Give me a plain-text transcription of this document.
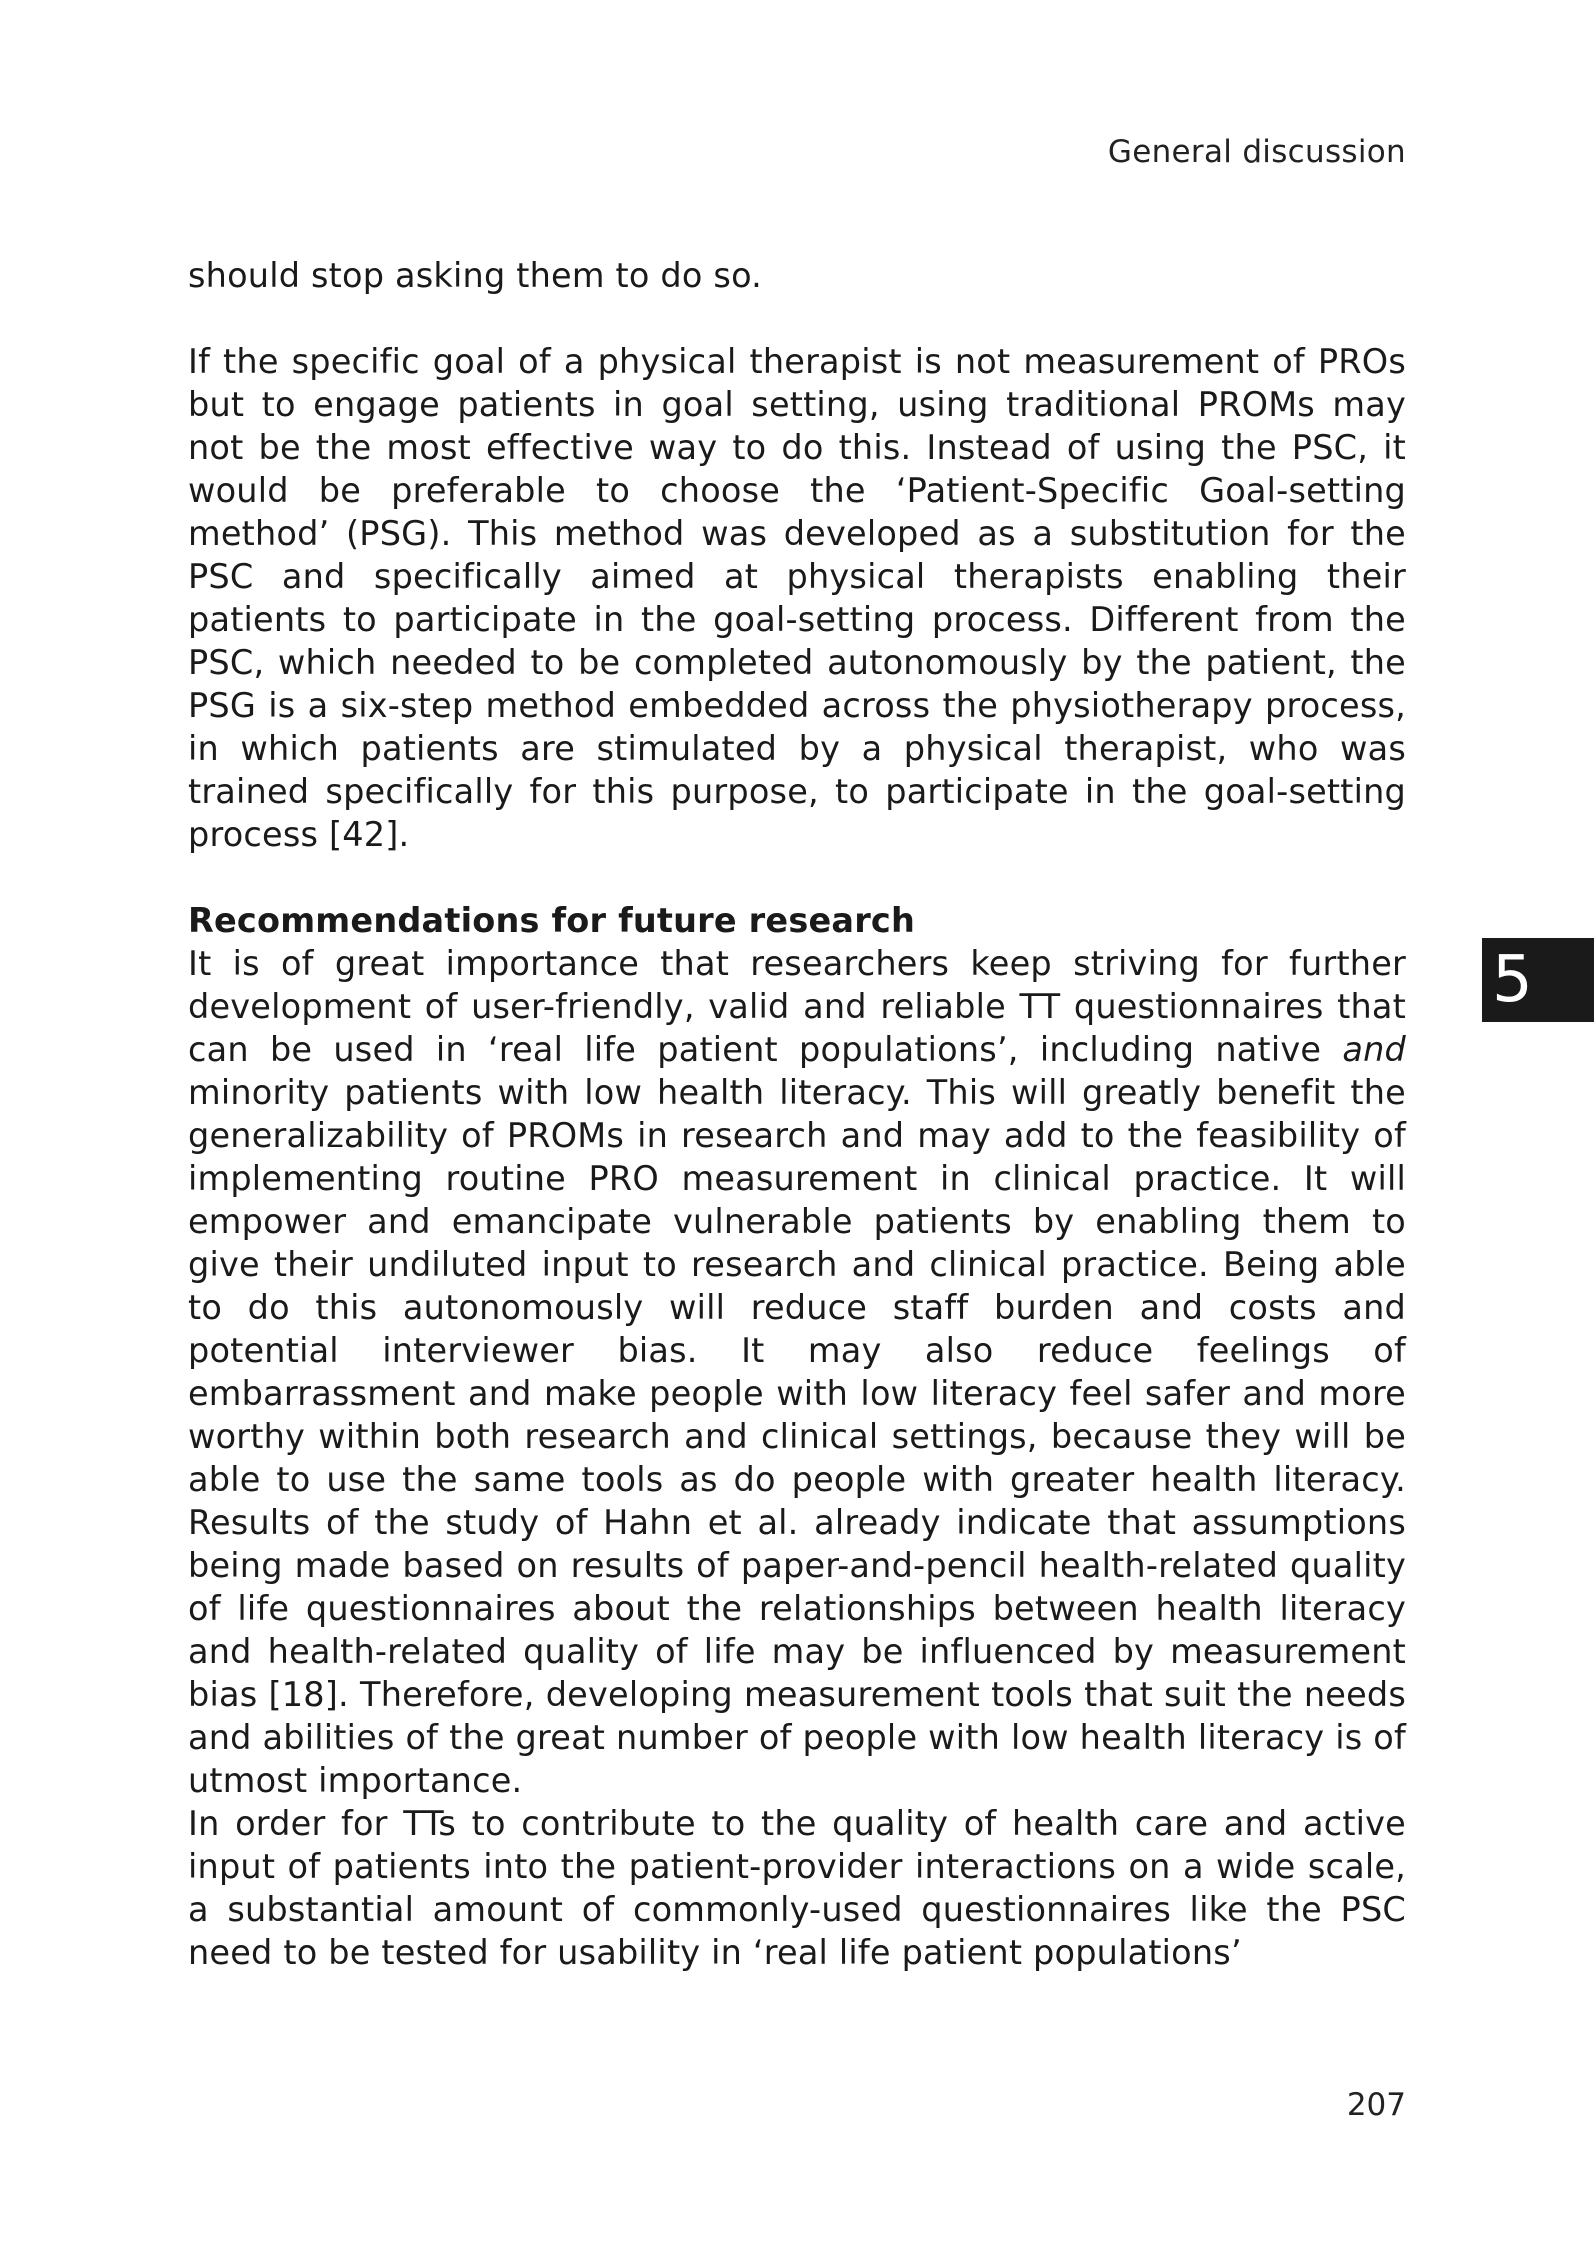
General discussion
5

should stop asking them to do so.

If the specific goal of a physical therapist is not measurement of PROs but to engage patients in goal setting, using traditional PROMs may not be the most effective way to do this. Instead of using the PSC, it would be preferable to choose the ‘Patient-Specific Goal-setting method’ (PSG). This method was developed as a substitution for the PSC and specifically aimed at physical therapists enabling their patients to participate in the goal-setting process. Different from the PSC, which needed to be completed autonomously by the patient, the PSG is a six-step method embedded across the physiotherapy process, in which patients are stimulated by a physical therapist, who was trained specifically for this purpose, to participate in the goal-setting process [42].

Recommendations for future research

It is of great importance that researchers keep striving for further development of user-friendly, valid and reliable TT questionnaires that can be used in ‘real life patient populations’, including native and minority patients with low health literacy. This will greatly benefit the generalizability of PROMs in research and may add to the feasibility of implementing routine PRO measurement in clinical practice. It will empower and emancipate vulnerable patients by enabling them to give their undiluted input to research and clinical practice. Being able to do this autonomously will reduce staff burden and costs and potential interviewer bias. It may also reduce feelings of embarrassment and make people with low literacy feel safer and more worthy within both research and clinical settings, because they will be able to use the same tools as do people with greater health literacy. Results of the study of Hahn et al. already indicate that assumptions being made based on results of paper-and-pencil health-related quality of life questionnaires about the relationships between health literacy and health-related quality of life may be influenced by measurement bias [18]. Therefore, developing measurement tools that suit the needs and abilities of the great number of people with low health literacy is of utmost importance.

In order for TTs to contribute to the quality of health care and active input of patients into the patient-provider interactions on a wide scale, a substantial amount of commonly-used questionnaires like the PSC need to be tested for usability in ‘real life patient populations’

207
